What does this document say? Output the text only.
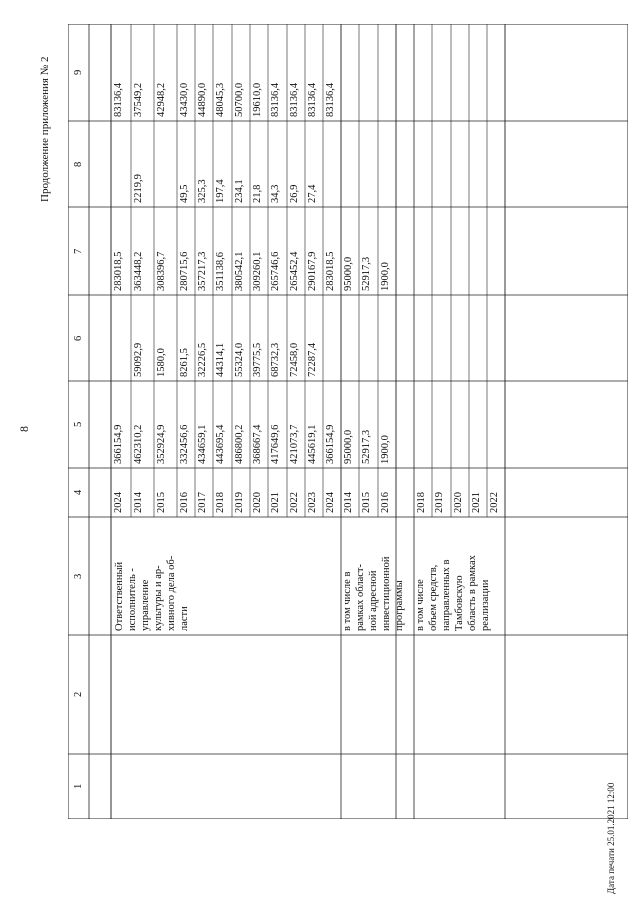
8
Продолжение приложения № 2
Дата печати 25.01.2021 12:00
1
2
3
4
5
6
7
8
9
2024
366154,9
283018,5
83136,4
2014
462310,2
59092,9
363448,2
2219,9
37549,2
2015
352924,9
1580,0
308396,7
42948,2
2016
332456,6
8261,5
280715,6
49,5
43430,0
2017
434659,1
32226,5
357217,3
325,3
44890,0
2018
443695,4
44314,1
351138,6
197,4
48045,3
2019
486800,2
55324,0
380542,1
234,1
50700,0
2020
368667,4
39775,5
309260,1
21,8
19610,0
2021
417649,6
68732,3
265746,6
34,3
83136,4
2022
421073,7
72458,0
265452,4
26,9
83136,4
2023
445619,1
72287,4
290167,9
27,4
83136,4
2024
366154,9
283018,5
83136,4
2014
95000,0
95000,0
2015
52917,3
52917,3
2016
1900,0
1900,0
2018 2019 2020 2021 2022
Ответственный исполнитель - управление культуры и ар- хивного дела об- ласти	в том числе в рамках област- ной адресной инвестиционной программы в том числе объем средств, направленных в Тамбовскую область в рамках реализации
